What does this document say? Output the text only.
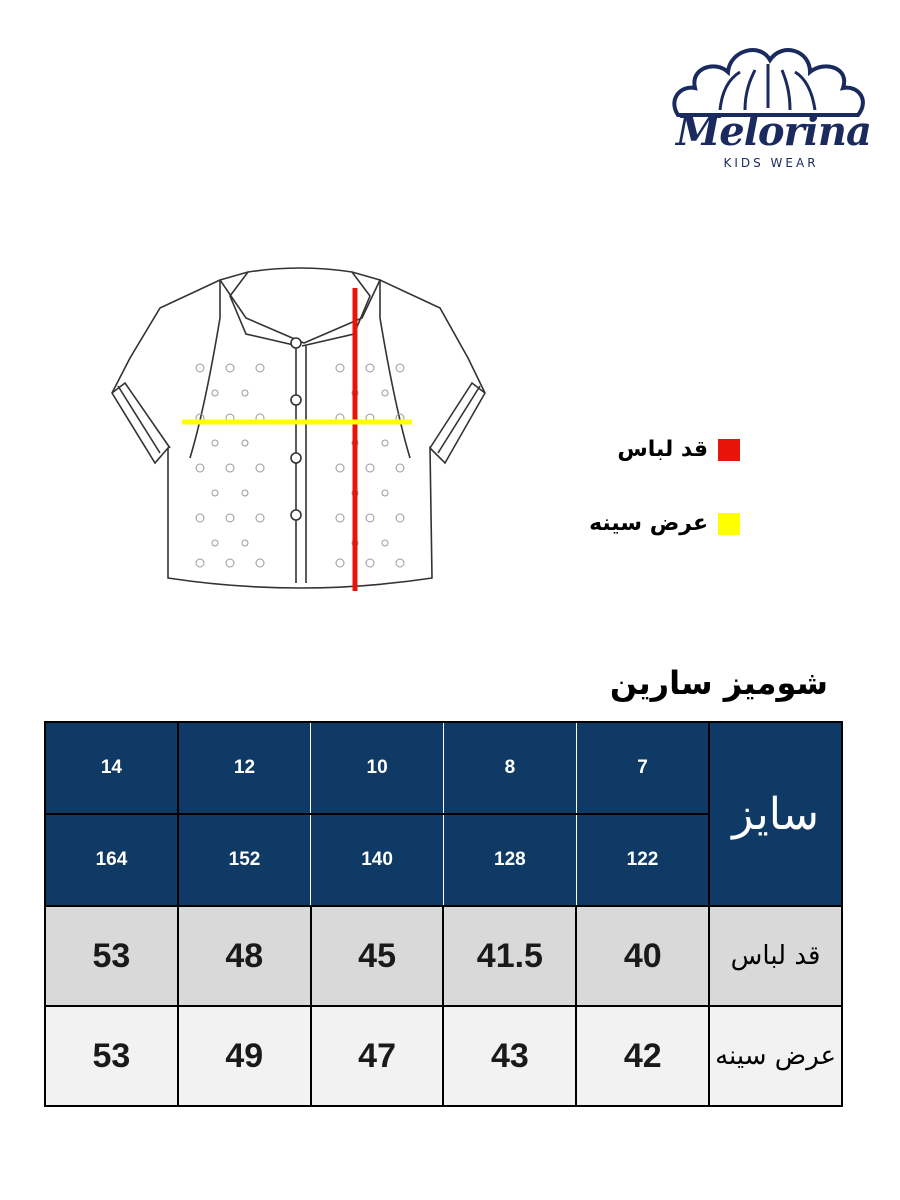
Melorina
KIDS WEAR
قد لباس
عرض سینه
شومیز سارین
14	12	10	8	7	سایز
164	152	140	128	122	
53	48	45	41.5	40	قد لباس
53	49	47	43	42	عرض سینه
